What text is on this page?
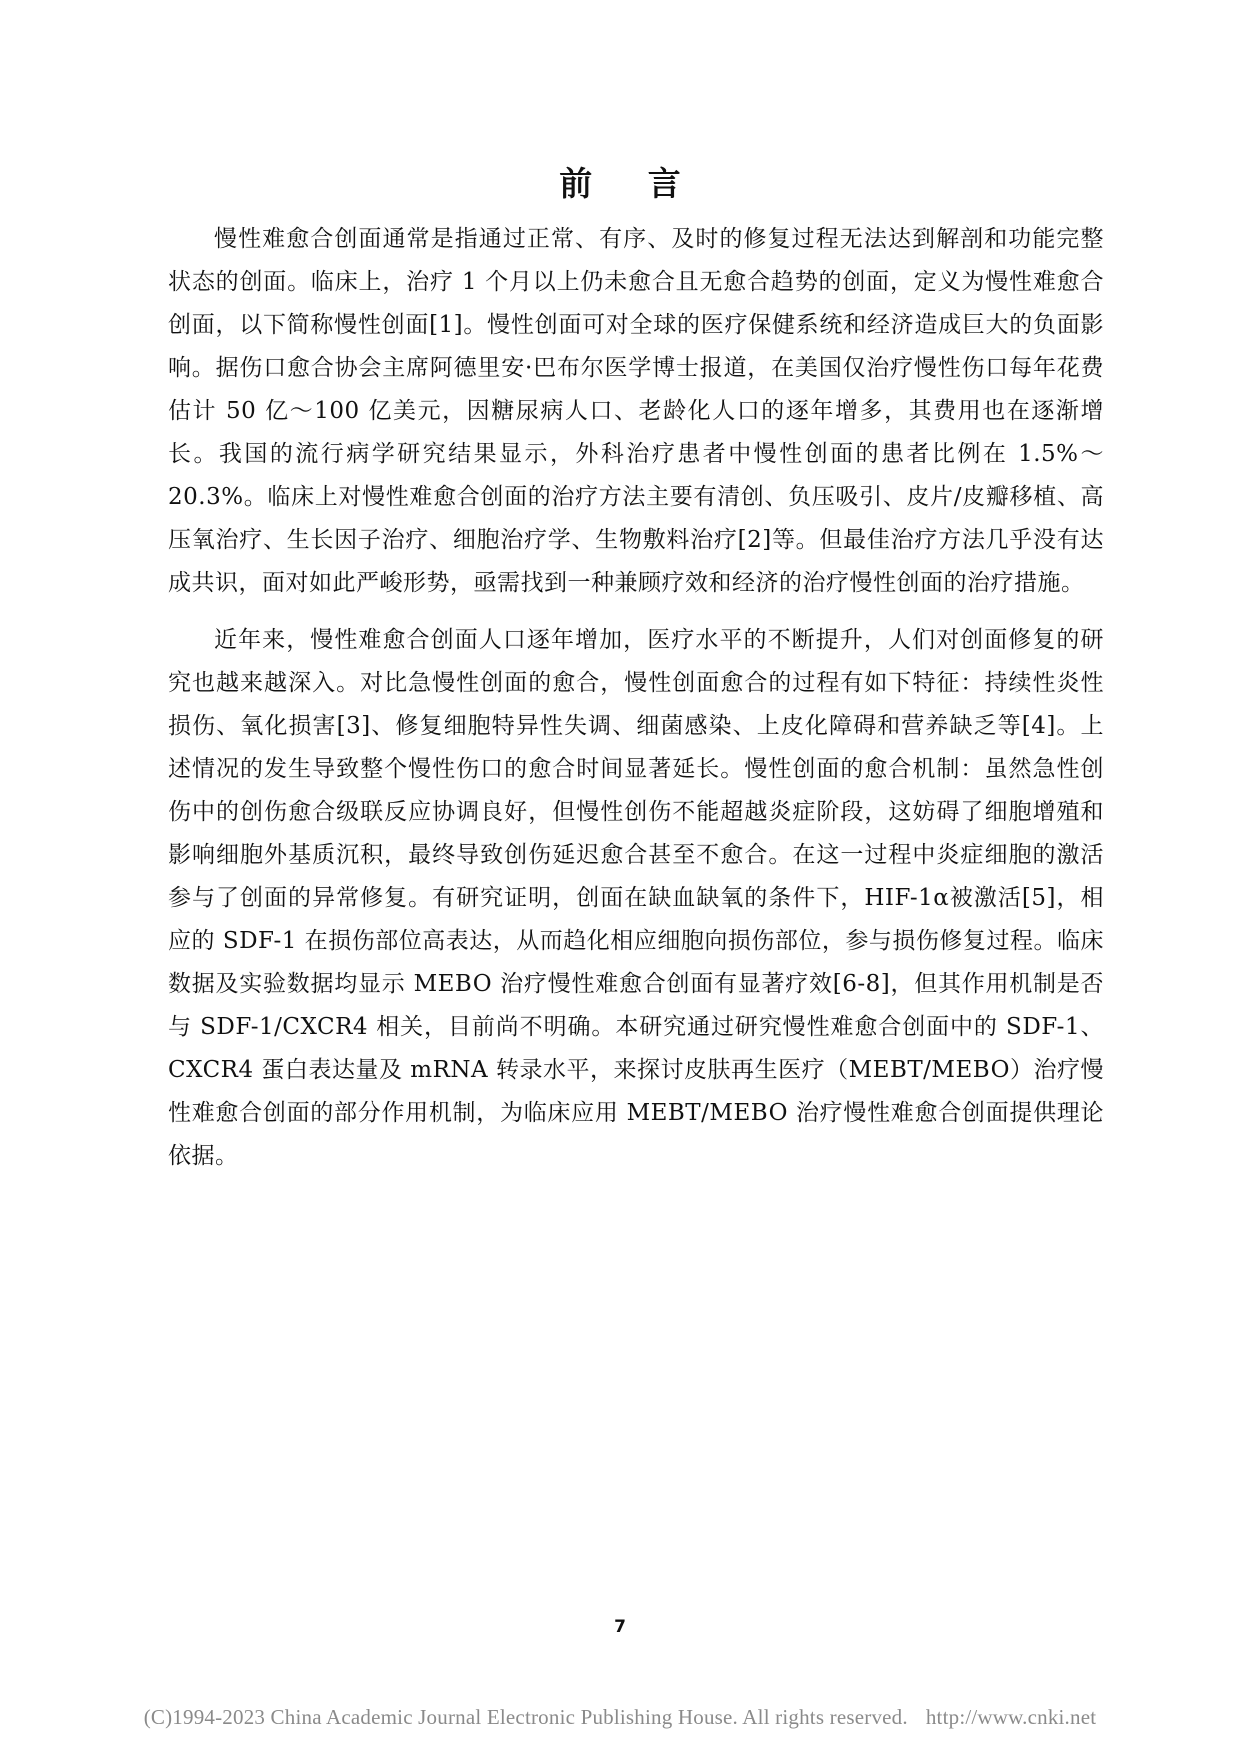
前 言

慢性难愈合创面通常是指通过正常、有序、及时的修复过程无法达到解剖和功能完整状态的创面。临床上，治疗 1 个月以上仍未愈合且无愈合趋势的创面，定义为慢性难愈合创面，以下简称慢性创面[1]。慢性创面可对全球的医疗保健系统和经济造成巨大的负面影响。据伤口愈合协会主席阿德里安·巴布尔医学博士报道，在美国仅治疗慢性伤口每年花费估计 50 亿～100 亿美元，因糖尿病人口、老龄化人口的逐年增多，其费用也在逐渐增长。我国的流行病学研究结果显示，外科治疗患者中慢性创面的患者比例在 1.5%～20.3%。临床上对慢性难愈合创面的治疗方法主要有清创、负压吸引、皮片/皮瓣移植、高压氧治疗、生长因子治疗、细胞治疗学、生物敷料治疗[2]等。但最佳治疗方法几乎没有达成共识，面对如此严峻形势，亟需找到一种兼顾疗效和经济的治疗慢性创面的治疗措施。

近年来，慢性难愈合创面人口逐年增加，医疗水平的不断提升，人们对创面修复的研究也越来越深入。对比急慢性创面的愈合，慢性创面愈合的过程有如下特征：持续性炎性损伤、氧化损害[3]、修复细胞特异性失调、细菌感染、上皮化障碍和营养缺乏等[4]。上述情况的发生导致整个慢性伤口的愈合时间显著延长。慢性创面的愈合机制：虽然急性创伤中的创伤愈合级联反应协调良好，但慢性创伤不能超越炎症阶段，这妨碍了细胞增殖和影响细胞外基质沉积，最终导致创伤延迟愈合甚至不愈合。在这一过程中炎症细胞的激活参与了创面的异常修复。有研究证明，创面在缺血缺氧的条件下，HIF-1α被激活[5]，相应的 SDF-1 在损伤部位高表达，从而趋化相应细胞向损伤部位，参与损伤修复过程。临床数据及实验数据均显示 MEBO 治疗慢性难愈合创面有显著疗效[6-8]，但其作用机制是否与 SDF-1/CXCR4 相关，目前尚不明确。本研究通过研究慢性难愈合创面中的 SDF-1、CXCR4 蛋白表达量及 mRNA 转录水平，来探讨皮肤再生医疗（MEBT/MEBO）治疗慢性难愈合创面的部分作用机制，为临床应用 MEBT/MEBO 治疗慢性难愈合创面提供理论依据。

7
(C)1994-2023 China Academic Journal Electronic Publishing House. All rights reserved. http://www.cnki.net
